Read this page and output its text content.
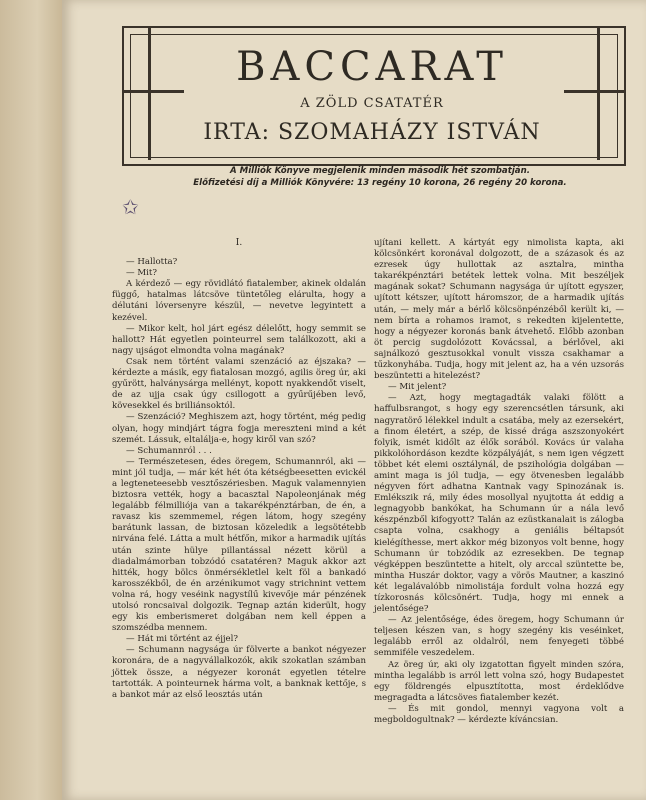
BACCARAT
A ZÖLD CSATATÉR
IRTA: SZOMAHÁZY ISTVÁN
A Milliók Könyve megjelenik minden második hét szombatján.
Előfizetési díj a Milliók Könyvére: 13 regény 10 korona, 26 regény 20 korona.
✩
I.

— Hallotta?

— Mit?

A kérdező — egy rövidlátó fiatalember, akinek oldalán függő, hatalmas látcsöve tüntetőleg elárulta, hogy a délutáni lóversenyre készül, — nevetve legyintett a kezével.

— Mikor kelt, hol járt egész délelőtt, hogy semmit se hallott? Hát egyetlen pointeurrel sem találkozott, aki a nagy ujságot elmondta volna magának?

Csak nem történt valami szenzáció az éjszaka? — kérdezte a másik, egy fiatalosan mozgó, agilis öreg úr, aki gyűrött, halványsárga mellényt, kopott nyakkendőt viselt, de az ujja csak úgy csillogott a gyűrűjében levő, kövesekkel és brilliánsoktól.

— Szenzáció? Meghiszem azt, hogy történt, még pedig olyan, hogy mindjárt tágra fogja mereszteni mind a két szemét. Lássuk, eltalálja-e, hogy kiről van szó?

— Schumannról . . .

— Természetesen, édes öregem, Schumannról, aki — mint jól tudja, — már két hét óta kétségbeesetten evickél a legteneteesebb vesztőszériesben. Maguk valamennyien biztosra vették, hogy a bacasztal Napoleonjának még legalább félmilliója van a takarékpénztárban, de én, a ravasz kis szemmemel, régen látom, hogy szegény barátunk lassan, de biztosan közeledik a legsötétebb nirvána felé. Látta a mult hétfőn, mikor a harmadik ujítás után szinte hülye pillantással nézett körül a diadalmámorban tobzódó csatatéren? Maguk akkor azt hitték, hogy bölcs önmérsékletlel kelt föl a bankadó karosszékből, de én arzénikumot vagy strichnint vettem volna rá, hogy veséink nagystílű kivevője már pénzének utolsó roncsaival dolgozik. Tegnap aztán kiderült, hogy egy kis emberismeret dolgában nem kell éppen a szomszédba mennem.

— Hát mi történt az éjjel?

— Schumann nagysága úr fölverte a bankot négyezer koronára, de a nagyvállalkozók, akik szokatlan számban jöttek össze, a négyezer koronát egyetlen tételre tartották. A pointeurnek hárma volt, a banknak kettője, s a bankot már az első leosztás után

ujítani kellett. A kártyát egy nimolista kapta, aki kölcsönkért koronával dolgozott, de a százasok és az ezresek úgy hullottak az asztalra, mintha takarékpénztári betétek lettek volna. Mit beszéljek magának sokat? Schumann nagysága úr ujított egyszer, ujított kétszer, ujított háromszor, de a harmadik ujítás után, — mely már a bérlő kölcsönpénzéből került ki, — nem bírta a rohamos iramot, s rekedten kijelentette, hogy a négyezer koronás bank átvehető. Előbb azonban öt percig sugdolózott Kovácssal, a bérlővel, aki sajnálkozó gesztusokkal vonult vissza csakhamar a tűzkonyhába. Tudja, hogy mit jelent az, ha a vén uzsorás beszüntetti a hitelezést?

— Mit jelent?

— Azt, hogy megtagadták valaki fölött a haffulbsrangot, s hogy egy szerencsétlen társunk, aki nagyratörő lélekkel indult a csatába, mely az ezersekért, a finom életért, a szép, de kissé drága aszszonyokért folyik, ismét kidőlt az élők sorából. Kovács úr valaha pikkolóhordáson kezdte közpályáját, s nem igen végzett többet két elemi osztálynál, de pszihológia dolgában — amint maga is jól tudja, — egy ötvenesben legalább négyven fórt adhatna Kantnak vagy Spinozának is. Emlékszik rá, mily édes mosollyal nyujtotta át eddig a legnagyobb bankókat, ha Schumann úr a nála levő készpénzből kifogyott? Talán az ezüstkanalait is zálogba csapta volna, csakhogy a geniális béltapsót kielégíthesse, mert akkor még bizonyos volt benne, hogy Schumann úr tobzódik az ezresekben. De tegnap végképpen beszüntette a hitelt, oly arccal szüntette be, mintha Huszár doktor, vagy a vörös Mautner, a kaszinó két legalávalóbb nimolistája fordult volna hozzá egy tízkorosnás kölcsönért. Tudja, hogy mi ennek a jelentősége?

— Az jelentősége, édes öregem, hogy Schumann úr teljesen készen van, s hogy szegény kis veséinket, legalább erről az oldalról, nem fenyegeti többé semmiféle veszedelem.

Az öreg úr, aki oly izgatottan figyelt minden szóra, mintha legalább is arról lett volna szó, hogy Budapestet egy földrengés elpusztította, most érdeklődve megragadta a látcsöves fiatalember kezét.

— És mit gondol, mennyi vagyona volt a megboldogultnak? — kérdezte kíváncsian.
